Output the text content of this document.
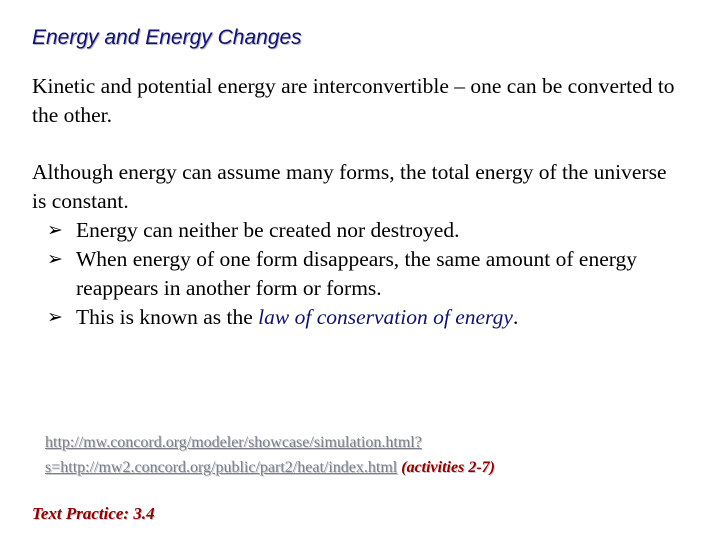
Energy and Energy Changes
Kinetic and potential energy are interconvertible – one can be converted to the other.
Although energy can assume many forms, the total energy of the universe is constant.
➢ Energy can neither be created nor destroyed.
➢ When energy of one form disappears, the same amount of energy reappears in another form or forms.
➢ This is known as the law of conservation of energy.
http://mw.concord.org/modeler/showcase/simulation.html?s=http://mw2.concord.org/public/part2/heat/index.html (activities 2-7)
Text Practice: 3.4
